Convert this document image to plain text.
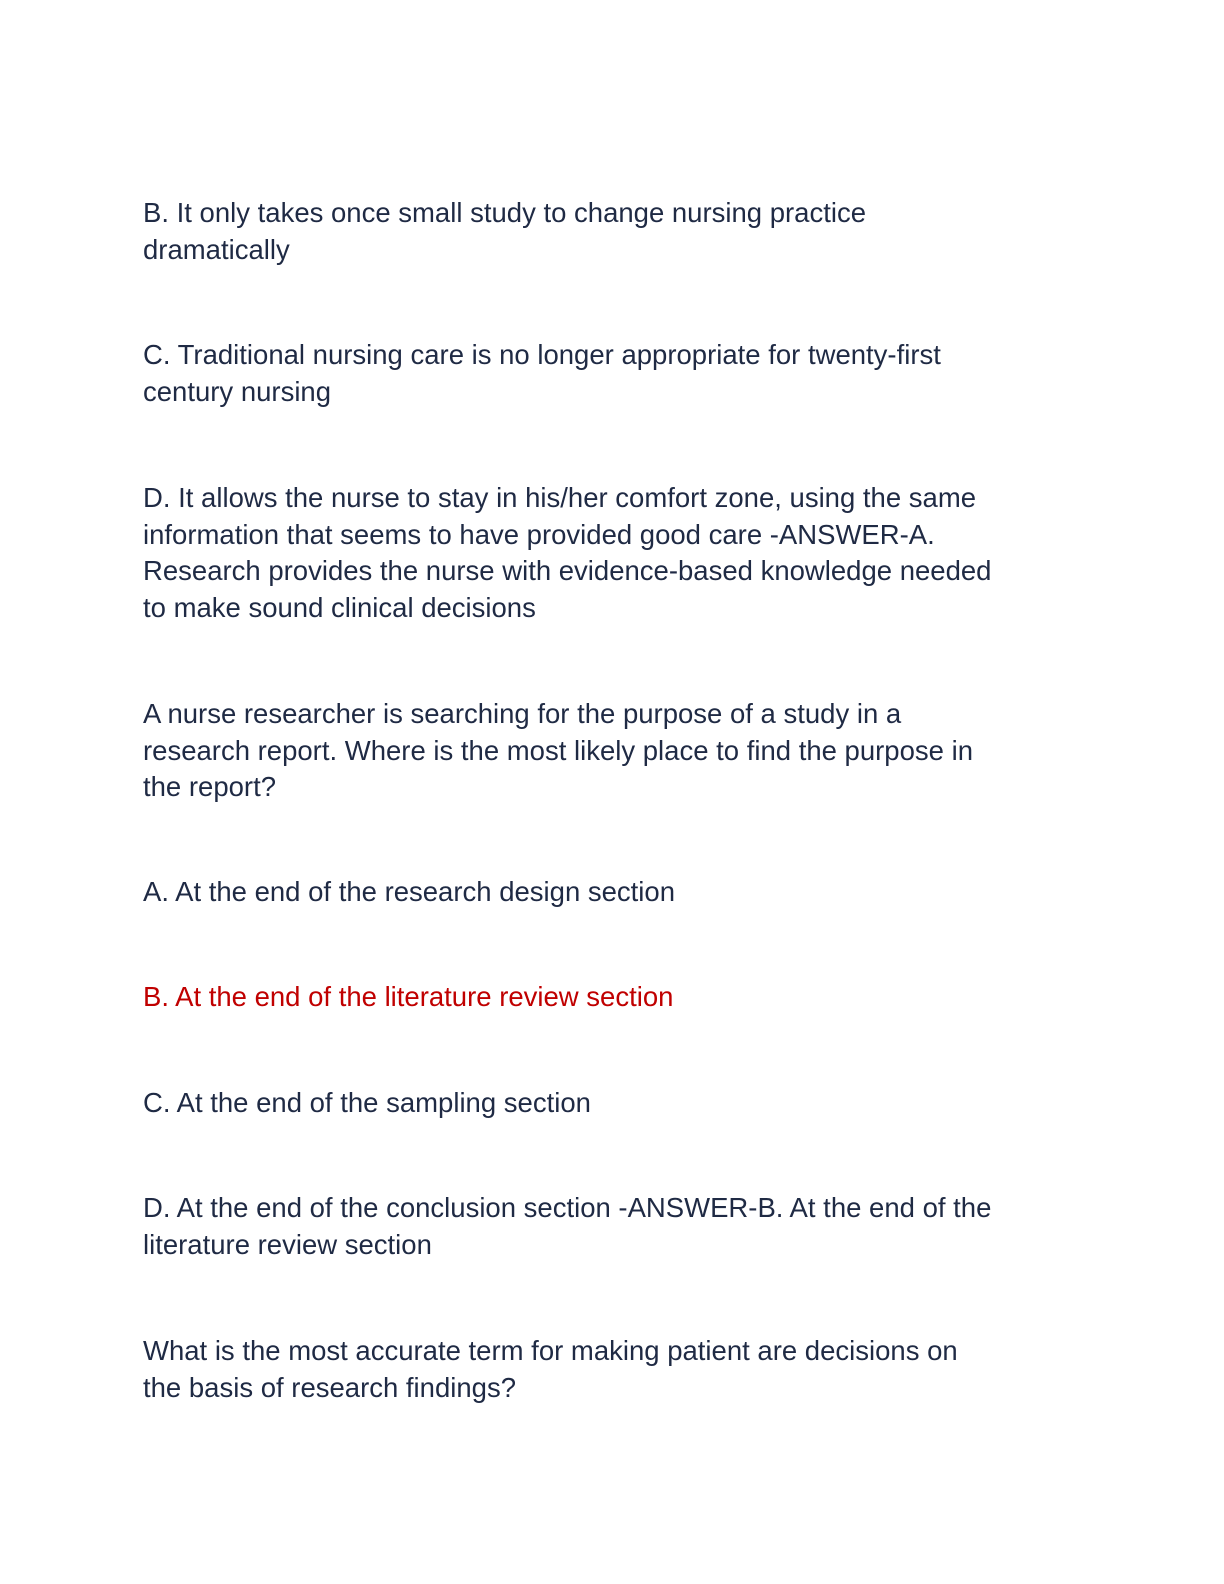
B. It only takes once small study to change nursing practice
dramatically

C. Traditional nursing care is no longer appropriate for twenty-first
century nursing

D. It allows the nurse to stay in his/her comfort zone, using the same
information that seems to have provided good care -ANSWER-A.
Research provides the nurse with evidence-based knowledge needed
to make sound clinical decisions

A nurse researcher is searching for the purpose of a study in a
research report. Where is the most likely place to find the purpose in
the report?

A. At the end of the research design section

B. At the end of the literature review section

C. At the end of the sampling section

D. At the end of the conclusion section -ANSWER-B. At the end of the
literature review section

What is the most accurate term for making patient are decisions on
the basis of research findings?
